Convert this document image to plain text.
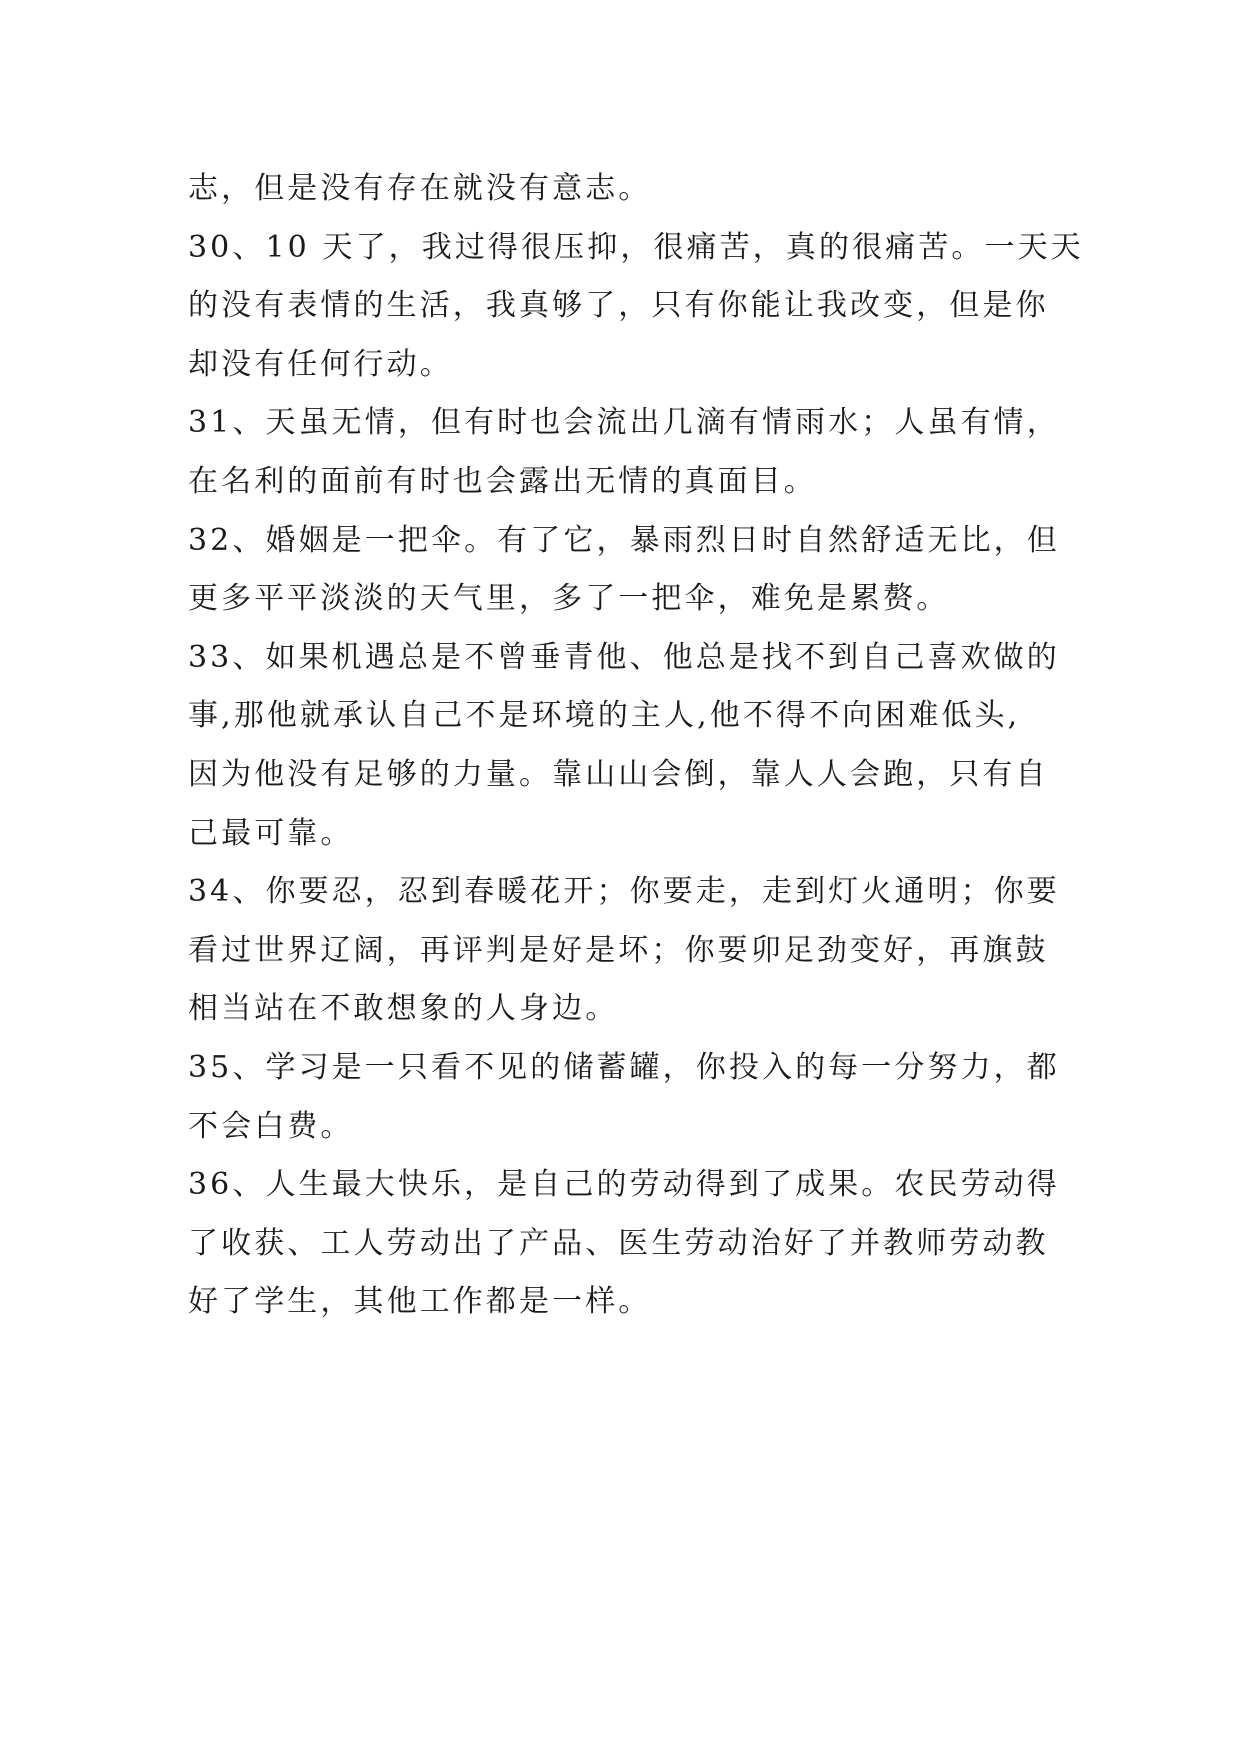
志，但是没有存在就没有意志。
30、10 天了，我过得很压抑，很痛苦，真的很痛苦。一天天
的没有表情的生活，我真够了，只有你能让我改变，但是你
却没有任何行动。
31、天虽无情，但有时也会流出几滴有情雨水；人虽有情，
在名利的面前有时也会露出无情的真面目。
32、婚姻是一把伞。有了它，暴雨烈日时自然舒适无比，但
更多平平淡淡的天气里，多了一把伞，难免是累赘。
33、如果机遇总是不曾垂青他、他总是找不到自己喜欢做的
事,那他就承认自己不是环境的主人,他不得不向困难低头,
因为他没有足够的力量。靠山山会倒，靠人人会跑，只有自
己最可靠。
34、你要忍，忍到春暖花开；你要走，走到灯火通明；你要
看过世界辽阔，再评判是好是坏；你要卯足劲变好，再旗鼓
相当站在不敢想象的人身边。
35、学习是一只看不见的储蓄罐，你投入的每一分努力，都
不会白费。
36、人生最大快乐，是自己的劳动得到了成果。农民劳动得
了收获、工人劳动出了产品、医生劳动治好了并教师劳动教
好了学生，其他工作都是一样。
